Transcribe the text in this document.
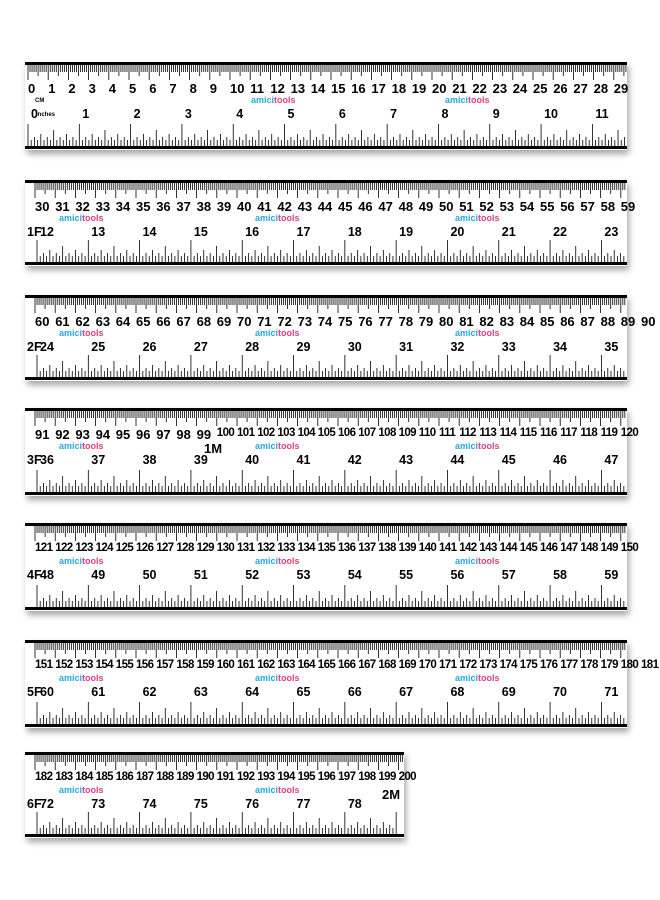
0 1 2 3 4 5 6 7 8 9 10 11 12 13 14 15 16 17 18 19 20 21 22 23 24 25 26 27 28 29
0	1	2	3	4	5	6	7	8	9	10	11
CM
Inches
amicitools	amicitools
30 31 32 33 34 35 36 37 38 39 40 41 42 43 44 45 46 47 48 49 50 51 52 53 54 55 56 57 58 59
12	13	14	15	16	17	18	19	20	21	22	23
1F
amicitools	amicitools	amicitools
60 61 62 63 64 65 66 67 68 69 70 71 72 73 74 75 76 77 78 79 80 81 82 83 84 85 86 87 88 89 90
24	25	26	27	28	29	30	31	32	33	34	35
2F
amicitools	amicitools	amicitools
91 92 93 94 95 96 97 98 99 100 101 102 103 104 105 106 107 108 109 110 111 112 113 114 115 116 117 118 119 120
36	37	38	39	40	41	42	43	44	45	46	47
3F
1M
amicitools	amicitools	amicitools
121 122 123 124 125 126 127 128 129 130 131 132 133 134 135 136 137 138 139 140 141 142 143 144 145 146 147 148 149 150
48	49	50	51	52	53	54	55	56	57	58	59
4F
amicitools	amicitools	amicitools
151 152 153 154 155 156 157 158 159 160 161 162 163 164 165 166 167 168 169 170 171 172 173 174 175 176 177 178 179 180 181
60	61	62	63	64	65	66	67	68	69	70	71
5F
amicitools	amicitools	amicitools
182 183 184 185 186 187 188 189 190 191 192 193 194 195 196 197 198 199 200
72	73	74	75	76	77	78
6F
2M
amicitools	amicitools
